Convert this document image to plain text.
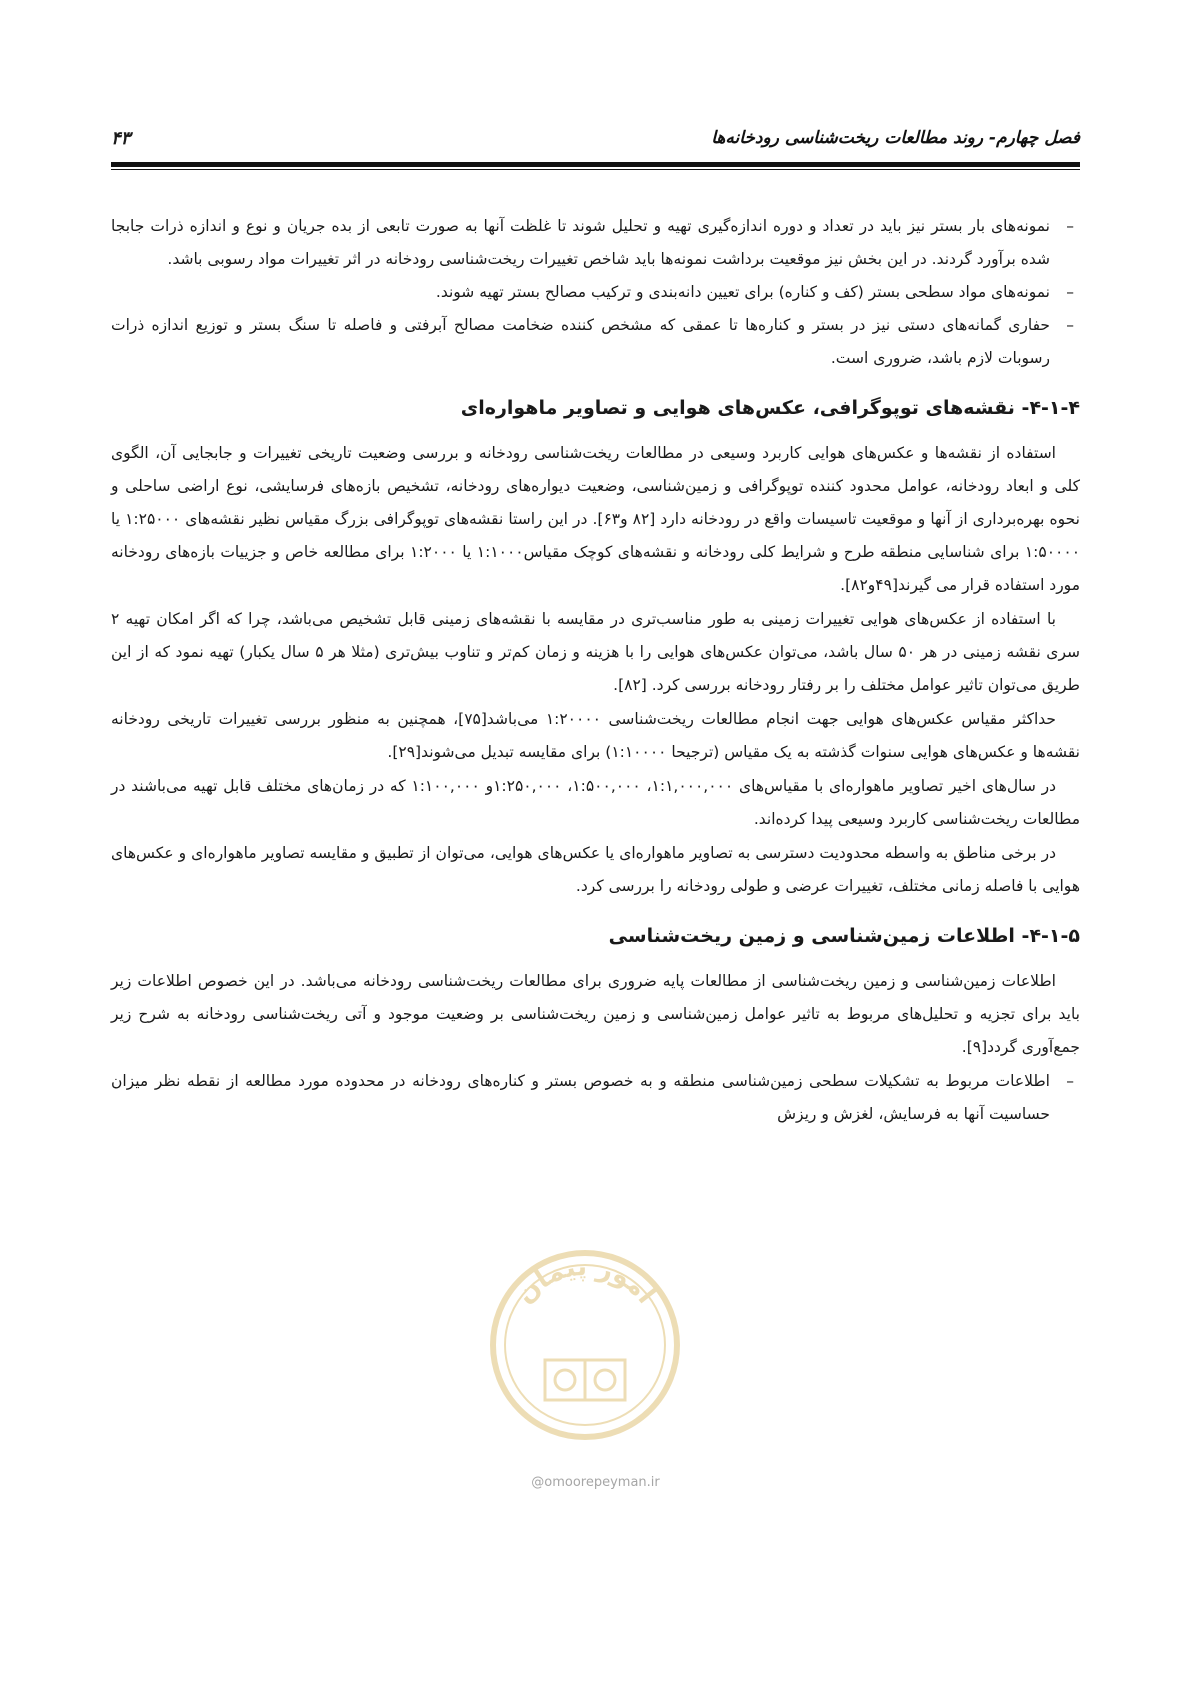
فصل چهارم- روند مطالعات ریخت‌شناسی رودخانه‌ها
۴۳
–
نمونه‌های بار بستر نیز باید در تعداد و دوره اندازه‌گیری تهیه و تحلیل شوند تا غلظت آنها به صورت تابعی از بده جریان و نوع و اندازه ذرات جابجا شده برآورد گردند. در این بخش نیز موقعیت برداشت نمونه‌ها باید شاخص تغییرات ریخت‌شناسی رودخانه در اثر تغییرات مواد رسوبی باشد.
–
نمونه‌های مواد سطحی بستر (کف و کناره) برای تعیین دانه‌بندی و ترکیب مصالح بستر تهیه شوند.
–
حفاری گمانه‌های دستی نیز در بستر و کناره‌ها تا عمقی که مشخص کننده ضخامت مصالح آبرفتی و فاصله تا سنگ بستر و توزیع اندازه ذرات رسوبات لازم باشد، ضروری است.
۴-۱-۴- نقشه‌های توپوگرافی، عکس‌های هوایی و تصاویر ماهواره‌ای

استفاده از نقشه‌ها و عکس‌های هوایی کاربرد وسیعی در مطالعات ریخت‌شناسی رودخانه و بررسی وضعیت تاریخی تغییرات و جابجایی آن، الگوی کلی و ابعاد رودخانه، عوامل محدود کننده توپوگرافی و زمین‌شناسی، وضعیت دیواره‌های رودخانه، تشخیص بازه‌های فرسایشی، نوع اراضی ساحلی و نحوه بهره‌برداری از آنها و موقعیت تاسیسات واقع در رودخانه دارد [۸۲ و۶۳]. در این راستا نقشه‌های توپوگرافی بزرگ مقیاس نظیر نقشه‌های ۱:۲۵۰۰۰ یا ۱:۵۰۰۰۰ برای شناسایی منطقه طرح و شرایط کلی رودخانه و نقشه‌های کوچک مقیاس۱:۱۰۰۰ یا ۱:۲۰۰۰ برای مطالعه خاص و جزییات بازه‌های رودخانه مورد استفاده قرار می گیرند[۴۹و۸۲].

با استفاده از عکس‌های هوایی تغییرات زمینی به طور مناسب‌تری در مقایسه با نقشه‌های زمینی قابل تشخیص می‌باشد، چرا که اگر امکان تهیه ۲ سری نقشه زمینی در هر ۵۰ سال باشد، می‌توان عکس‌های هوایی را با هزینه و زمان کم‌تر و تناوب بیش‌تری (مثلا هر ۵ سال یکبار) تهیه نمود که از این طریق می‌توان تاثیر عوامل مختلف را بر رفتار رودخانه بررسی کرد. [۸۲].

حداکثر مقیاس عکس‌های هوایی جهت انجام مطالعات ریخت‌شناسی ۱:۲۰۰۰۰ می‌باشد[۷۵]، همچنین به منظور بررسی تغییرات تاریخی رودخانه نقشه‌ها و عکس‌های هوایی سنوات گذشته به یک مقیاس (ترجیحا ۱:۱۰۰۰۰) برای مقایسه تبدیل می‌شوند[۲۹].

در سال‌های اخیر تصاویر ماهواره‌ای با مقیاس‌های ۱:۱,۰۰۰,۰۰۰، ۱:۵۰۰,۰۰۰، ۱:۲۵۰,۰۰۰و ۱:۱۰۰,۰۰۰ که در زمان‌های مختلف قابل تهیه می‌باشند در مطالعات ریخت‌شناسی کاربرد وسیعی پیدا کرده‌اند.

در برخی مناطق به واسطه محدودیت دسترسی به تصاویر ماهواره‌ای یا عکس‌های هوایی، می‌توان از تطبیق و مقایسه تصاویر ماهواره‌ای و عکس‌های هوایی با فاصله زمانی مختلف، تغییرات عرضی و طولی رودخانه را بررسی کرد.

۴-۱-۵- اطلاعات زمین‌شناسی و زمین ریخت‌شناسی

اطلاعات زمین‌شناسی و زمین ریخت‌شناسی از مطالعات پایه ضروری برای مطالعات ریخت‌شناسی رودخانه می‌باشد. در این خصوص اطلاعات زیر باید برای تجزیه و تحلیل‌های مربوط به تاثیر عوامل زمین‌شناسی و زمین ریخت‌شناسی بر وضعیت موجود و آتی ریخت‌شناسی رودخانه به شرح زیر جمع‌آوری گردد[۹].

–
اطلاعات مربوط به تشکیلات سطحی زمین‌شناسی منطقه و به خصوص بستر و کناره‌های رودخانه در محدوده مورد مطالعه از نقطه نظر میزان حساسیت آنها به فرسایش، لغزش و ریزش
امور پیمان
@omoorepeyman.ir
